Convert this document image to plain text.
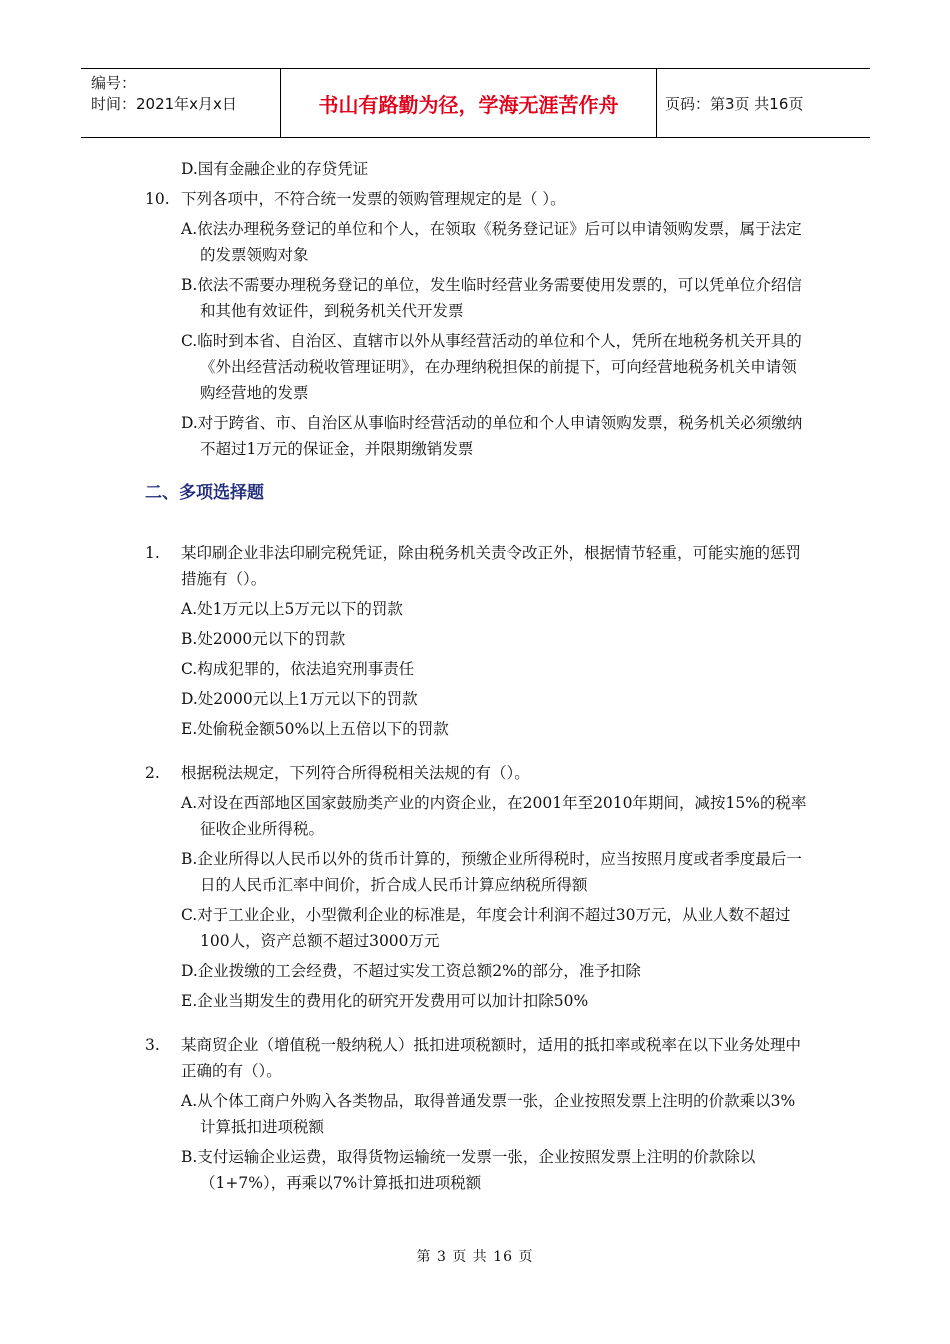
编号：
时间：2021年x月x日	书山有路勤为径，学海无涯苦作舟	页码：第3页 共16页
D.国有金融企业的存贷凭证
10. 下列各项中，不符合统一发票的领购管理规定的是（ ）。
A.依法办理税务登记的单位和个人，在领取《税务登记证》后可以申请领购发票，属于法定的发票领购对象
B.依法不需要办理税务登记的单位，发生临时经营业务需要使用发票的，可以凭单位介绍信和其他有效证件，到税务机关代开发票
C.临时到本省、自治区、直辖市以外从事经营活动的单位和个人，凭所在地税务机关开具的《外出经营活动税收管理证明》，在办理纳税担保的前提下，可向经营地税务机关申请领购经营地的发票
D.对于跨省、市、自治区从事临时经营活动的单位和个人申请领购发票，税务机关必须缴纳不超过1万元的保证金，并限期缴销发票
二、多项选择题
1.	某印刷企业非法印刷完税凭证，除由税务机关责令改正外，根据情节轻重，可能实施的惩罚措施有（）。
A.处1万元以上5万元以下的罚款
B.处2000元以下的罚款
C.构成犯罪的，依法追究刑事责任
D.处2000元以上1万元以下的罚款
E.处偷税金额50%以上五倍以下的罚款
2.	根据税法规定，下列符合所得税相关法规的有（）。
A.对设在西部地区国家鼓励类产业的内资企业，在2001年至2010年期间，减按15%的税率征收企业所得税。
B.企业所得以人民币以外的货币计算的，预缴企业所得税时，应当按照月度或者季度最后一日的人民币汇率中间价，折合成人民币计算应纳税所得额
C.对于工业企业，小型微利企业的标准是，年度会计利润不超过30万元，从业人数不超过100人，资产总额不超过3000万元
D.企业拨缴的工会经费，不超过实发工资总额2%的部分，准予扣除
E.企业当期发生的费用化的研究开发费用可以加计扣除50%
3.	某商贸企业（增值税一般纳税人）抵扣进项税额时，适用的抵扣率或税率在以下业务处理中正确的有（）。
A.从个体工商户外购入各类物品，取得普通发票一张，企业按照发票上注明的价款乘以3%计算抵扣进项税额
B.支付运输企业运费，取得货物运输统一发票一张，企业按照发票上注明的价款除以（1+7%），再乘以7%计算抵扣进项税额
第 3 页 共 16 页
